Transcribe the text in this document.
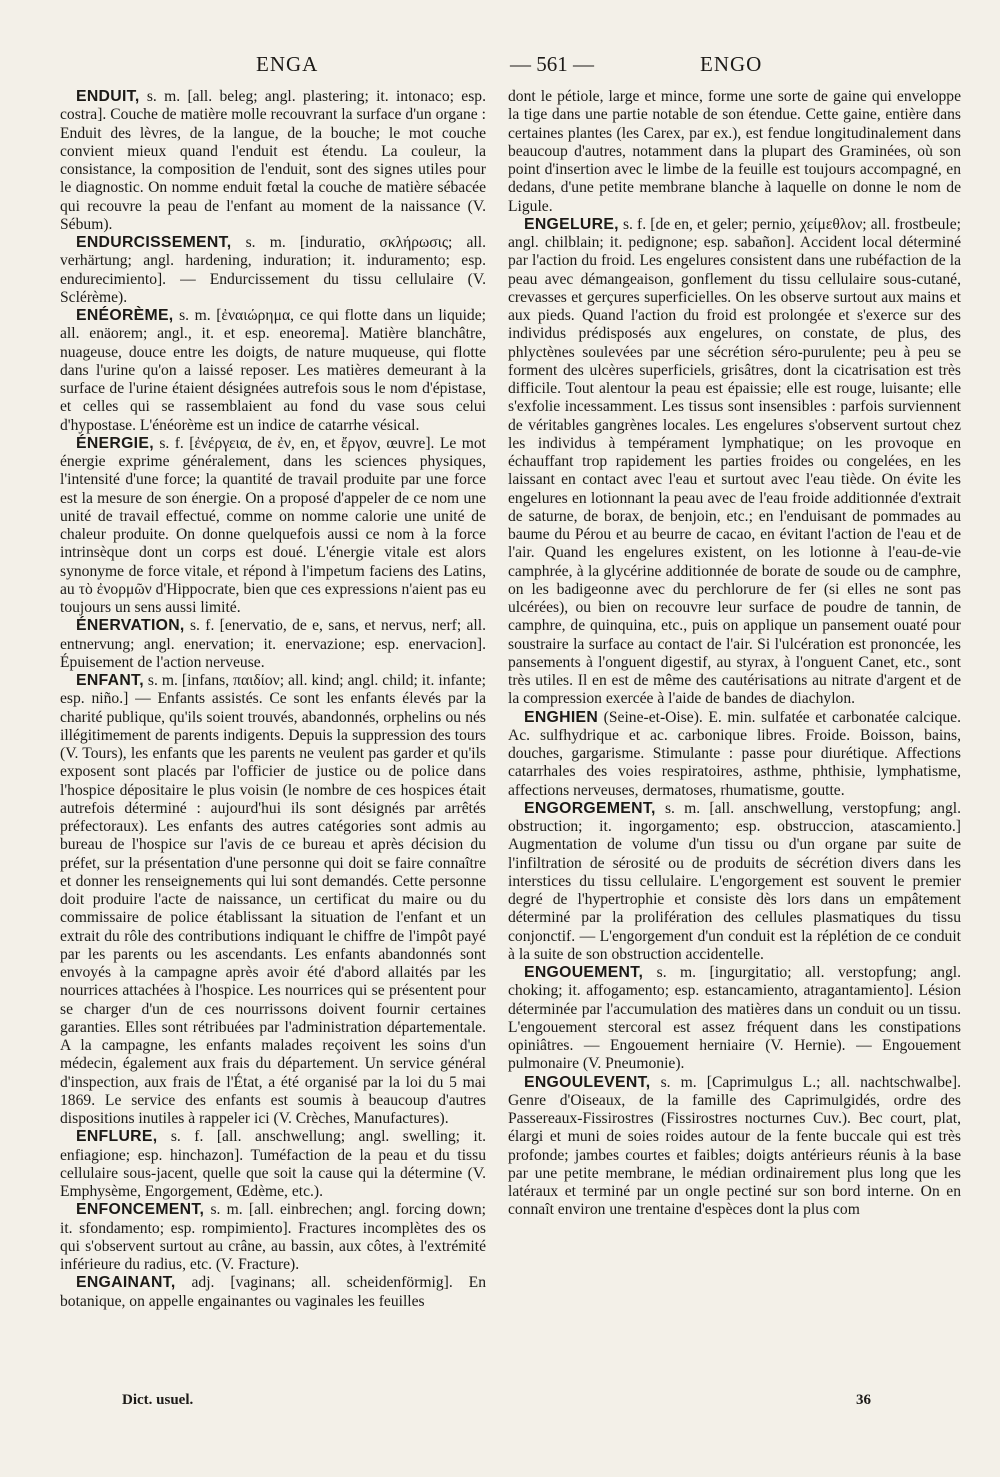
ENGA	— 561 —	ENGO

ENDUIT, s. m. [all. beleg; angl. plastering; it. intonaco; esp. costra]. Couche de matière molle recouvrant la surface d'un organe : Enduit des lèvres, de la langue, de la bouche; le mot couche convient mieux quand l'enduit est étendu. La couleur, la consistance, la composition de l'enduit, sont des signes utiles pour le diagnostic. On nomme enduit fœtal la couche de matière sébacée qui recouvre la peau de l'enfant au moment de la naissance (V. Sébum).

ENDURCISSEMENT, s. m. [induratio, σκλήρωσις; all. verhärtung; angl. hardening, induration; it. induramento; esp. endurecimiento]. — Endurcissement du tissu cellulaire (V. Sclérème).

ENÉORÈME, s. m. [ἐναιώρημα, ce qui flotte dans un liquide; all. enäorem; angl., it. et esp. eneorema]. Matière blanchâtre, nuageuse, douce entre les doigts, de nature muqueuse, qui flotte dans l'urine qu'on a laissé reposer. Les matières demeurant à la surface de l'urine étaient désignées autrefois sous le nom d'épistase, et celles qui se rassemblaient au fond du vase sous celui d'hypostase. L'énéorème est un indice de catarrhe vésical.

ÉNERGIE, s. f. [ἐνέργεια, de ἐν, en, et ἔργον, œuvre]. Le mot énergie exprime généralement, dans les sciences physiques, l'intensité d'une force; la quantité de travail produite par une force est la mesure de son énergie. On a proposé d'appeler de ce nom une unité de travail effectué, comme on nomme calorie une unité de chaleur produite. On donne quelquefois aussi ce nom à la force intrinsèque dont un corps est doué. L'énergie vitale est alors synonyme de force vitale, et répond à l'impetum faciens des Latins, au τὸ ἐνορμῶν d'Hippocrate, bien que ces expressions n'aient pas eu toujours un sens aussi limité.

ÉNERVATION, s. f. [enervatio, de e, sans, et nervus, nerf; all. entnervung; angl. enervation; it. enervazione; esp. enervacion]. Épuisement de l'action nerveuse.

ENFANT, s. m. [infans, παιδίον; all. kind; angl. child; it. infante; esp. niño.] — Enfants assistés. Ce sont les enfants élevés par la charité publique, qu'ils soient trouvés, abandonnés, orphelins ou nés illégitimement de parents indigents. Depuis la suppression des tours (V. Tours), les enfants que les parents ne veulent pas garder et qu'ils exposent sont placés par l'officier de justice ou de police dans l'hospice dépositaire le plus voisin (le nombre de ces hospices était autrefois déterminé : aujourd'hui ils sont désignés par arrêtés préfectoraux). Les enfants des autres catégories sont admis au bureau de l'hospice sur l'avis de ce bureau et après décision du préfet, sur la présentation d'une personne qui doit se faire connaître et donner les renseignements qui lui sont demandés. Cette personne doit produire l'acte de naissance, un certificat du maire ou du commissaire de police établissant la situation de l'enfant et un extrait du rôle des contributions indiquant le chiffre de l'impôt payé par les parents ou les ascendants. Les enfants abandonnés sont envoyés à la campagne après avoir été d'abord allaités par les nourrices attachées à l'hospice. Les nourrices qui se présentent pour se charger d'un de ces nourrissons doivent fournir certaines garanties. Elles sont rétribuées par l'administration départementale. A la campagne, les enfants malades reçoivent les soins d'un médecin, également aux frais du département. Un service général d'inspection, aux frais de l'État, a été organisé par la loi du 5 mai 1869. Le service des enfants est soumis à beaucoup d'autres dispositions inutiles à rappeler ici (V. Crèches, Manufactures).

ENFLURE, s. f. [all. anschwellung; angl. swelling; it. enfiagione; esp. hinchazon]. Tuméfaction de la peau et du tissu cellulaire sous-jacent, quelle que soit la cause qui la détermine (V. Emphysème, Engorgement, Œdème, etc.).

ENFONCEMENT, s. m. [all. einbrechen; angl. forcing down; it. sfondamento; esp. rompimiento]. Fractures incomplètes des os qui s'observent surtout au crâne, au bassin, aux côtes, à l'extrémité inférieure du radius, etc. (V. Fracture).

ENGAINANT, adj. [vaginans; all. scheidenförmig]. En botanique, on appelle engainantes ou vaginales les feuilles

dont le pétiole, large et mince, forme une sorte de gaine qui enveloppe la tige dans une partie notable de son étendue. Cette gaine, entière dans certaines plantes (les Carex, par ex.), est fendue longitudinalement dans beaucoup d'autres, notamment dans la plupart des Graminées, où son point d'insertion avec le limbe de la feuille est toujours accompagné, en dedans, d'une petite membrane blanche à laquelle on donne le nom de Ligule.

ENGELURE, s. f. [de en, et geler; pernio, χείμεθλον; all. frostbeule; angl. chilblain; it. pedignone; esp. sabañon]. Accident local déterminé par l'action du froid. Les engelures consistent dans une rubéfaction de la peau avec démangeaison, gonflement du tissu cellulaire sous-cutané, crevasses et gerçures superficielles. On les observe surtout aux mains et aux pieds. Quand l'action du froid est prolongée et s'exerce sur des individus prédisposés aux engelures, on constate, de plus, des phlyctènes soulevées par une sécrétion séro-purulente; peu à peu se forment des ulcères superficiels, grisâtres, dont la cicatrisation est très difficile. Tout alentour la peau est épaissie; elle est rouge, luisante; elle s'exfolie incessamment. Les tissus sont insensibles : parfois surviennent de véritables gangrènes locales. Les engelures s'observent surtout chez les individus à tempérament lymphatique; on les provoque en échauffant trop rapidement les parties froides ou congelées, en les laissant en contact avec l'eau et surtout avec l'eau tiède. On évite les engelures en lotionnant la peau avec de l'eau froide additionnée d'extrait de saturne, de borax, de benjoin, etc.; en l'enduisant de pommades au baume du Pérou et au beurre de cacao, en évitant l'action de l'eau et de l'air. Quand les engelures existent, on les lotionne à l'eau-de-vie camphrée, à la glycérine additionnée de borate de soude ou de camphre, on les badigeonne avec du perchlorure de fer (si elles ne sont pas ulcérées), ou bien on recouvre leur surface de poudre de tannin, de camphre, de quinquina, etc., puis on applique un pansement ouaté pour soustraire la surface au contact de l'air. Si l'ulcération est prononcée, les pansements à l'onguent digestif, au styrax, à l'onguent Canet, etc., sont très utiles. Il en est de même des cautérisations au nitrate d'argent et de la compression exercée à l'aide de bandes de diachylon.

ENGHIEN (Seine-et-Oise). E. min. sulfatée et carbonatée calcique. Ac. sulfhydrique et ac. carbonique libres. Froide. Boisson, bains, douches, gargarisme. Stimulante : passe pour diurétique. Affections catarrhales des voies respiratoires, asthme, phthisie, lymphatisme, affections nerveuses, dermatoses, rhumatisme, goutte.

ENGORGEMENT, s. m. [all. anschwellung, verstopfung; angl. obstruction; it. ingorgamento; esp. obstruccion, atascamiento.] Augmentation de volume d'un tissu ou d'un organe par suite de l'infiltration de sérosité ou de produits de sécrétion divers dans les interstices du tissu cellulaire. L'engorgement est souvent le premier degré de l'hypertrophie et consiste dès lors dans un empâtement déterminé par la prolifération des cellules plasmatiques du tissu conjonctif. — L'engorgement d'un conduit est la réplétion de ce conduit à la suite de son obstruction accidentelle.

ENGOUEMENT, s. m. [ingurgitatio; all. verstopfung; angl. choking; it. affogamento; esp. estancamiento, atragantamiento]. Lésion déterminée par l'accumulation des matières dans un conduit ou un tissu. L'engouement stercoral est assez fréquent dans les constipations opiniâtres. — Engouement herniaire (V. Hernie). — Engouement pulmonaire (V. Pneumonie).

ENGOULEVENT, s. m. [Caprimulgus L.; all. nachtschwalbe]. Genre d'Oiseaux, de la famille des Caprimulgidés, ordre des Passereaux-Fissirostres (Fissirostres nocturnes Cuv.). Bec court, plat, élargi et muni de soies roides autour de la fente buccale qui est très profonde; jambes courtes et faibles; doigts antérieurs réunis à la base par une petite membrane, le médian ordinairement plus long que les latéraux et terminé par un ongle pectiné sur son bord interne. On en connaît environ une trentaine d'espèces dont la plus com

Dict. usuel.	36
